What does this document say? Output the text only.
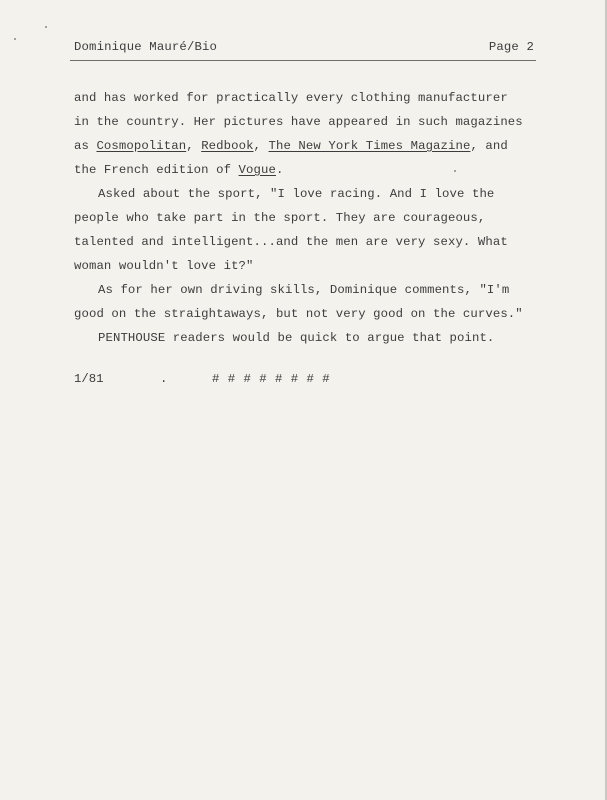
Dominique Mauré/Bio	Page 2
and has worked for practically every clothing manufacturer
in the country. Her pictures have appeared in such magazines
as Cosmopolitan, Redbook, The New York Times Magazine, and
the French edition of Vogue.
Asked about the sport, "I love racing. And I love the
people who take part in the sport. They are courageous,
talented and intelligent...and the men are very sexy. What
woman wouldn't love it?"
As for her own driving skills, Dominique comments, "I'm
good on the straightaways, but not very good on the curves."
PENTHOUSE readers would be quick to argue that point.
1/81	.	# # # # # # # #
